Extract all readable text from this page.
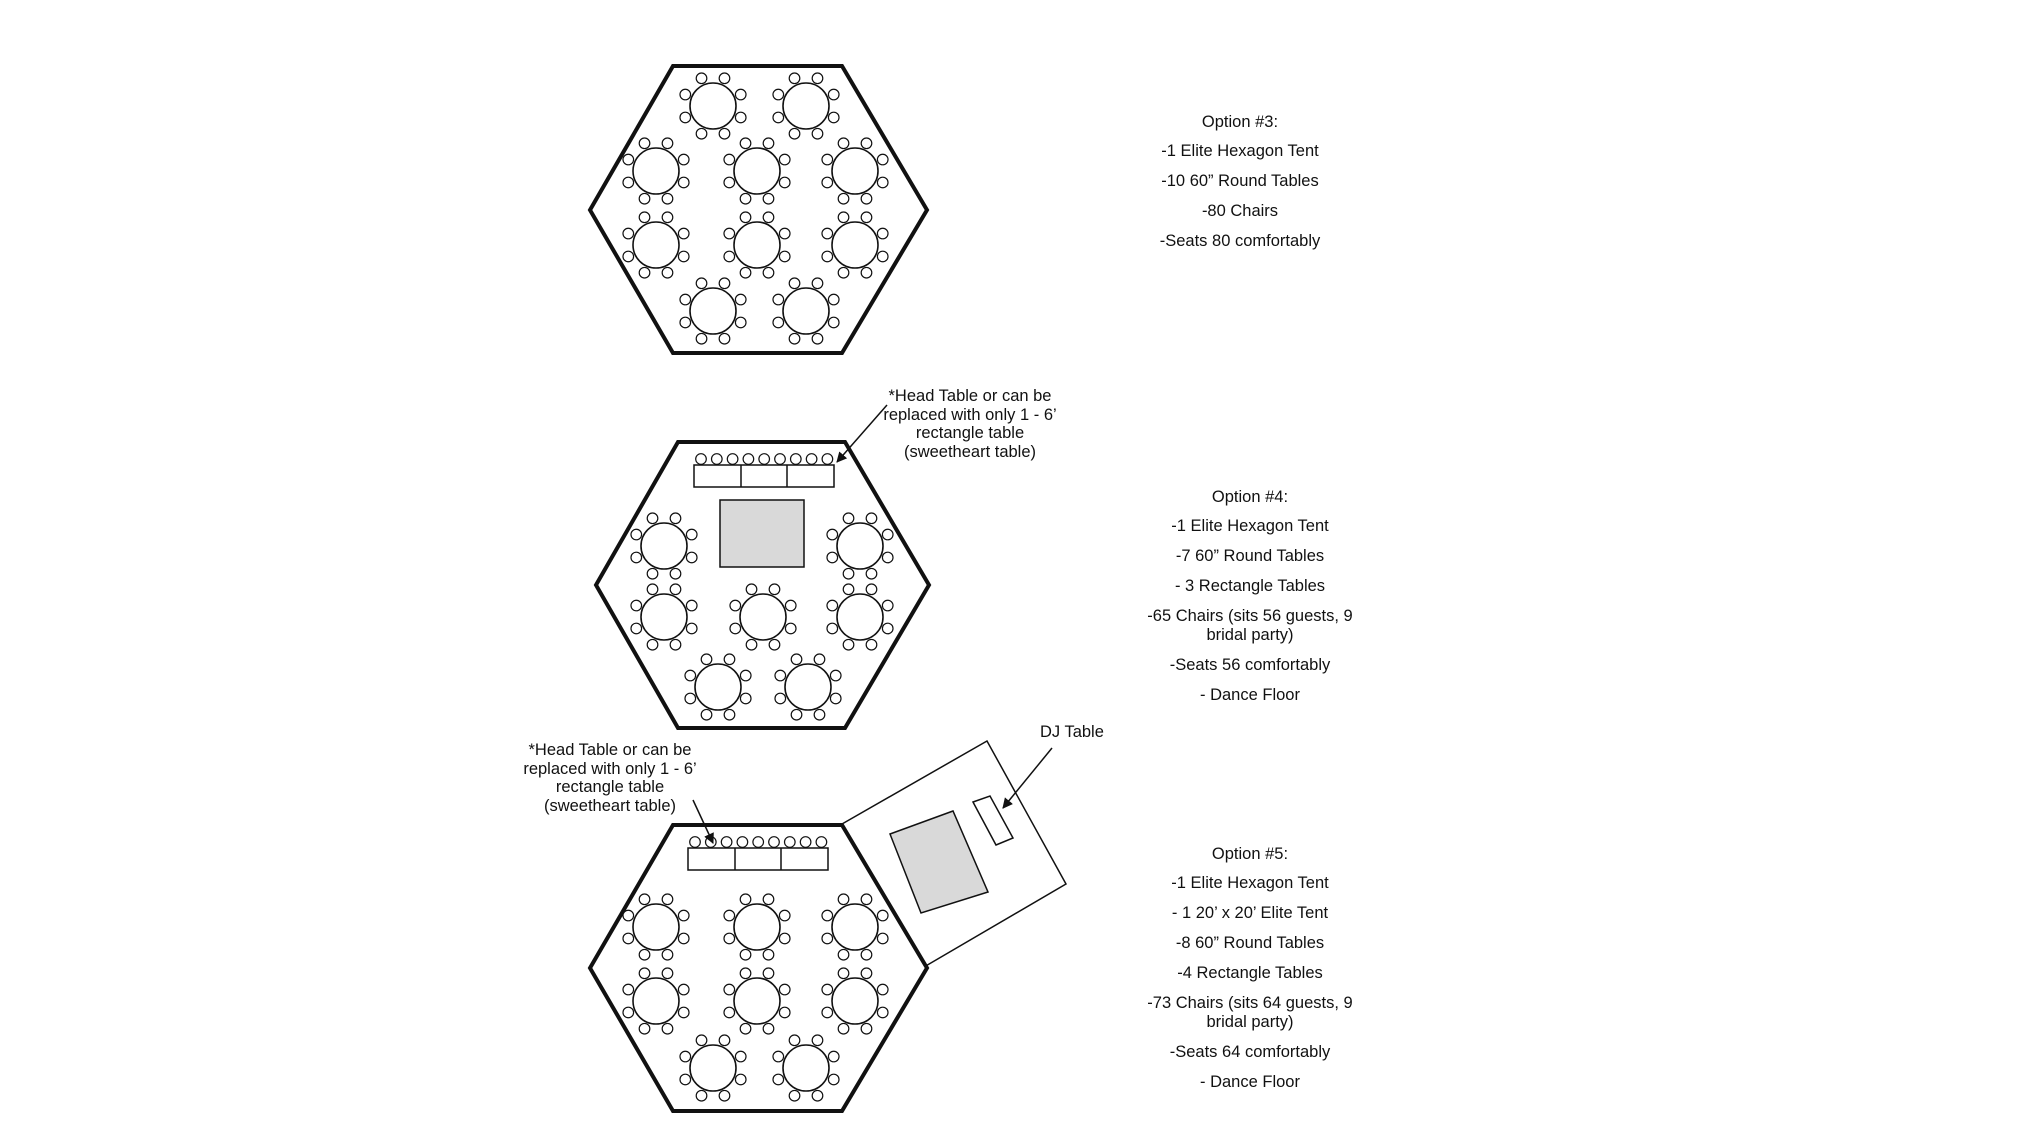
Option #3:
-1 Elite Hexagon Tent
-10 60” Round Tables
-80 Chairs
-Seats 80 comfortably
*Head Table or can be
replaced with only 1 - 6’
rectangle table
(sweetheart table)
Option #4:
-1 Elite Hexagon Tent
-7 60” Round Tables
- 3 Rectangle Tables
-65 Chairs (sits 56 guests, 9 bridal party)
-Seats 56 comfortably
- Dance Floor
*Head Table or can be
replaced with only 1 - 6’
rectangle table
(sweetheart table)
DJ Table
Option #5:
-1 Elite Hexagon Tent
- 1 20’ x 20’ Elite Tent
-8 60” Round Tables
-4 Rectangle Tables
-73 Chairs (sits 64 guests, 9 bridal party)
-Seats 64 comfortably
- Dance Floor
